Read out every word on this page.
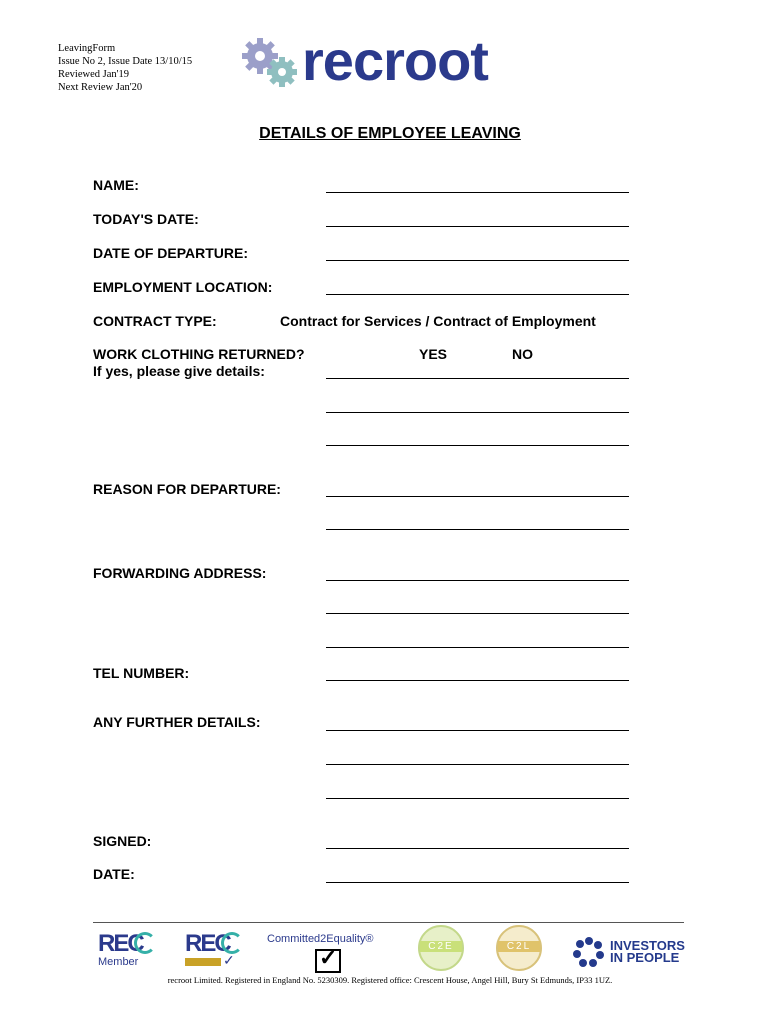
LeavingForm
Issue No 2, Issue Date 13/10/15
Reviewed Jan'19
Next Review Jan'20	recroot
DETAILS OF EMPLOYEE LEAVING
NAME:
TODAY'S DATE:
DATE OF DEPARTURE:
EMPLOYMENT LOCATION:
CONTRACT TYPE:	Contract for Services / Contract of Employment
WORK CLOTHING RETURNED?	YES	NO
If yes, please give details:
REASON FOR DEPARTURE:
FORWARDING ADDRESS:
TEL NUMBER:
ANY FURTHER DETAILS:
SIGNED:
DATE:
REC
Member
REC
✓
Committed2Equality®
✓	C2E	C2L	INVESTORS
IN PEOPLE
recroot Limited. Registered in England No. 5230309. Registered office: Crescent House, Angel Hill, Bury St Edmunds, IP33 1UZ.
